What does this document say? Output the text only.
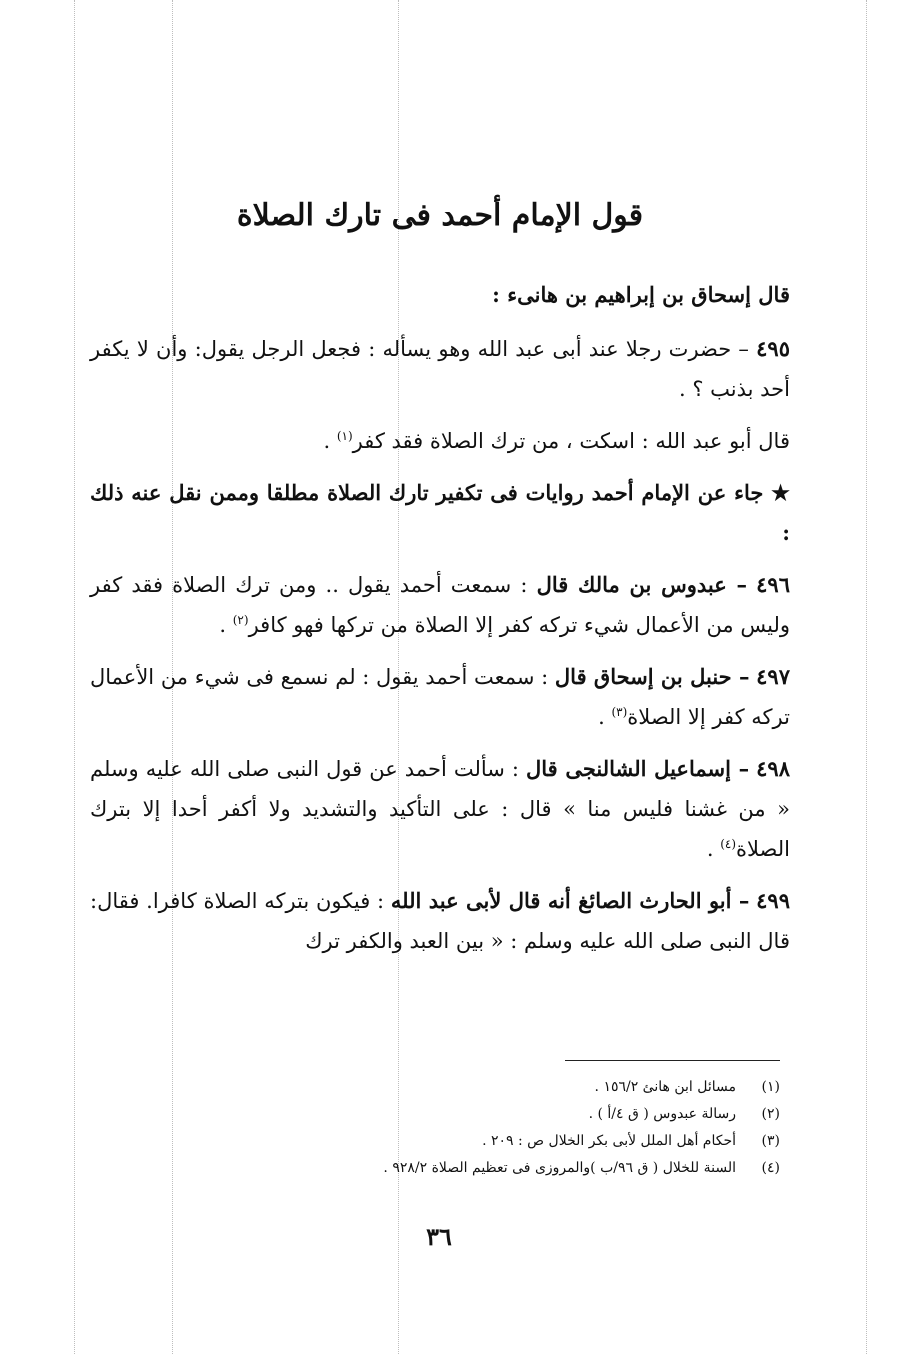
قول الإمام أحمد فى تارك الصلاة
قال إسحاق بن إبراهيم بن هانىء :
٤٩٥ – حضرت رجلا عند أبى عبد الله وهو يسأله : فجعل الرجل يقول: وأن لا يكفر أحد بذنب ؟ .
قال أبو عبد الله : اسكت ، من ترك الصلاة فقد كفر$^{(١)}$ .
★ جاء عن الإمام أحمد روايات فى تكفير تارك الصلاة مطلقا وممن نقل عنه ذلك :
٤٩٦ – عبدوس بن مالك قال : سمعت أحمد يقول .. ومن ترك الصلاة فقد كفر وليس من الأعمال شيء تركه كفر إلا الصلاة من تركها فهو كافر$^{(٢)}$ .
٤٩٧ – حنبل بن إسحاق قال : سمعت أحمد يقول : لم نسمع فى شيء من الأعمال تركه كفر إلا الصلاة$^{(٣)}$ .
٤٩٨ – إسماعيل الشالنجى قال : سألت أحمد عن قول النبى صلى الله عليه وسلم « من غشنا فليس منا » قال : على التأكيد والتشديد ولا أكفر أحدا إلا بترك الصلاة$^{(٤)}$ .
٤٩٩ – أبو الحارث الصائغ أنه قال لأبى عبد الله : فيكون بتركه الصلاة كافرا. فقال: قال النبى صلى الله عليه وسلم : « بين العبد والكفر ترك
(١)
مسائل ابن هانئ ١٥٦/٢ .
(٢)
رسالة عبدوس ( ق ٤/أ ) .
(٣)
أحكام أهل الملل لأبى بكر الخلال ص : ٢٠٩ .
(٤)
السنة للخلال ( ق ٩٦/ب )والمروزى فى تعظيم الصلاة ٩٢٨/٢ .
٣٦
